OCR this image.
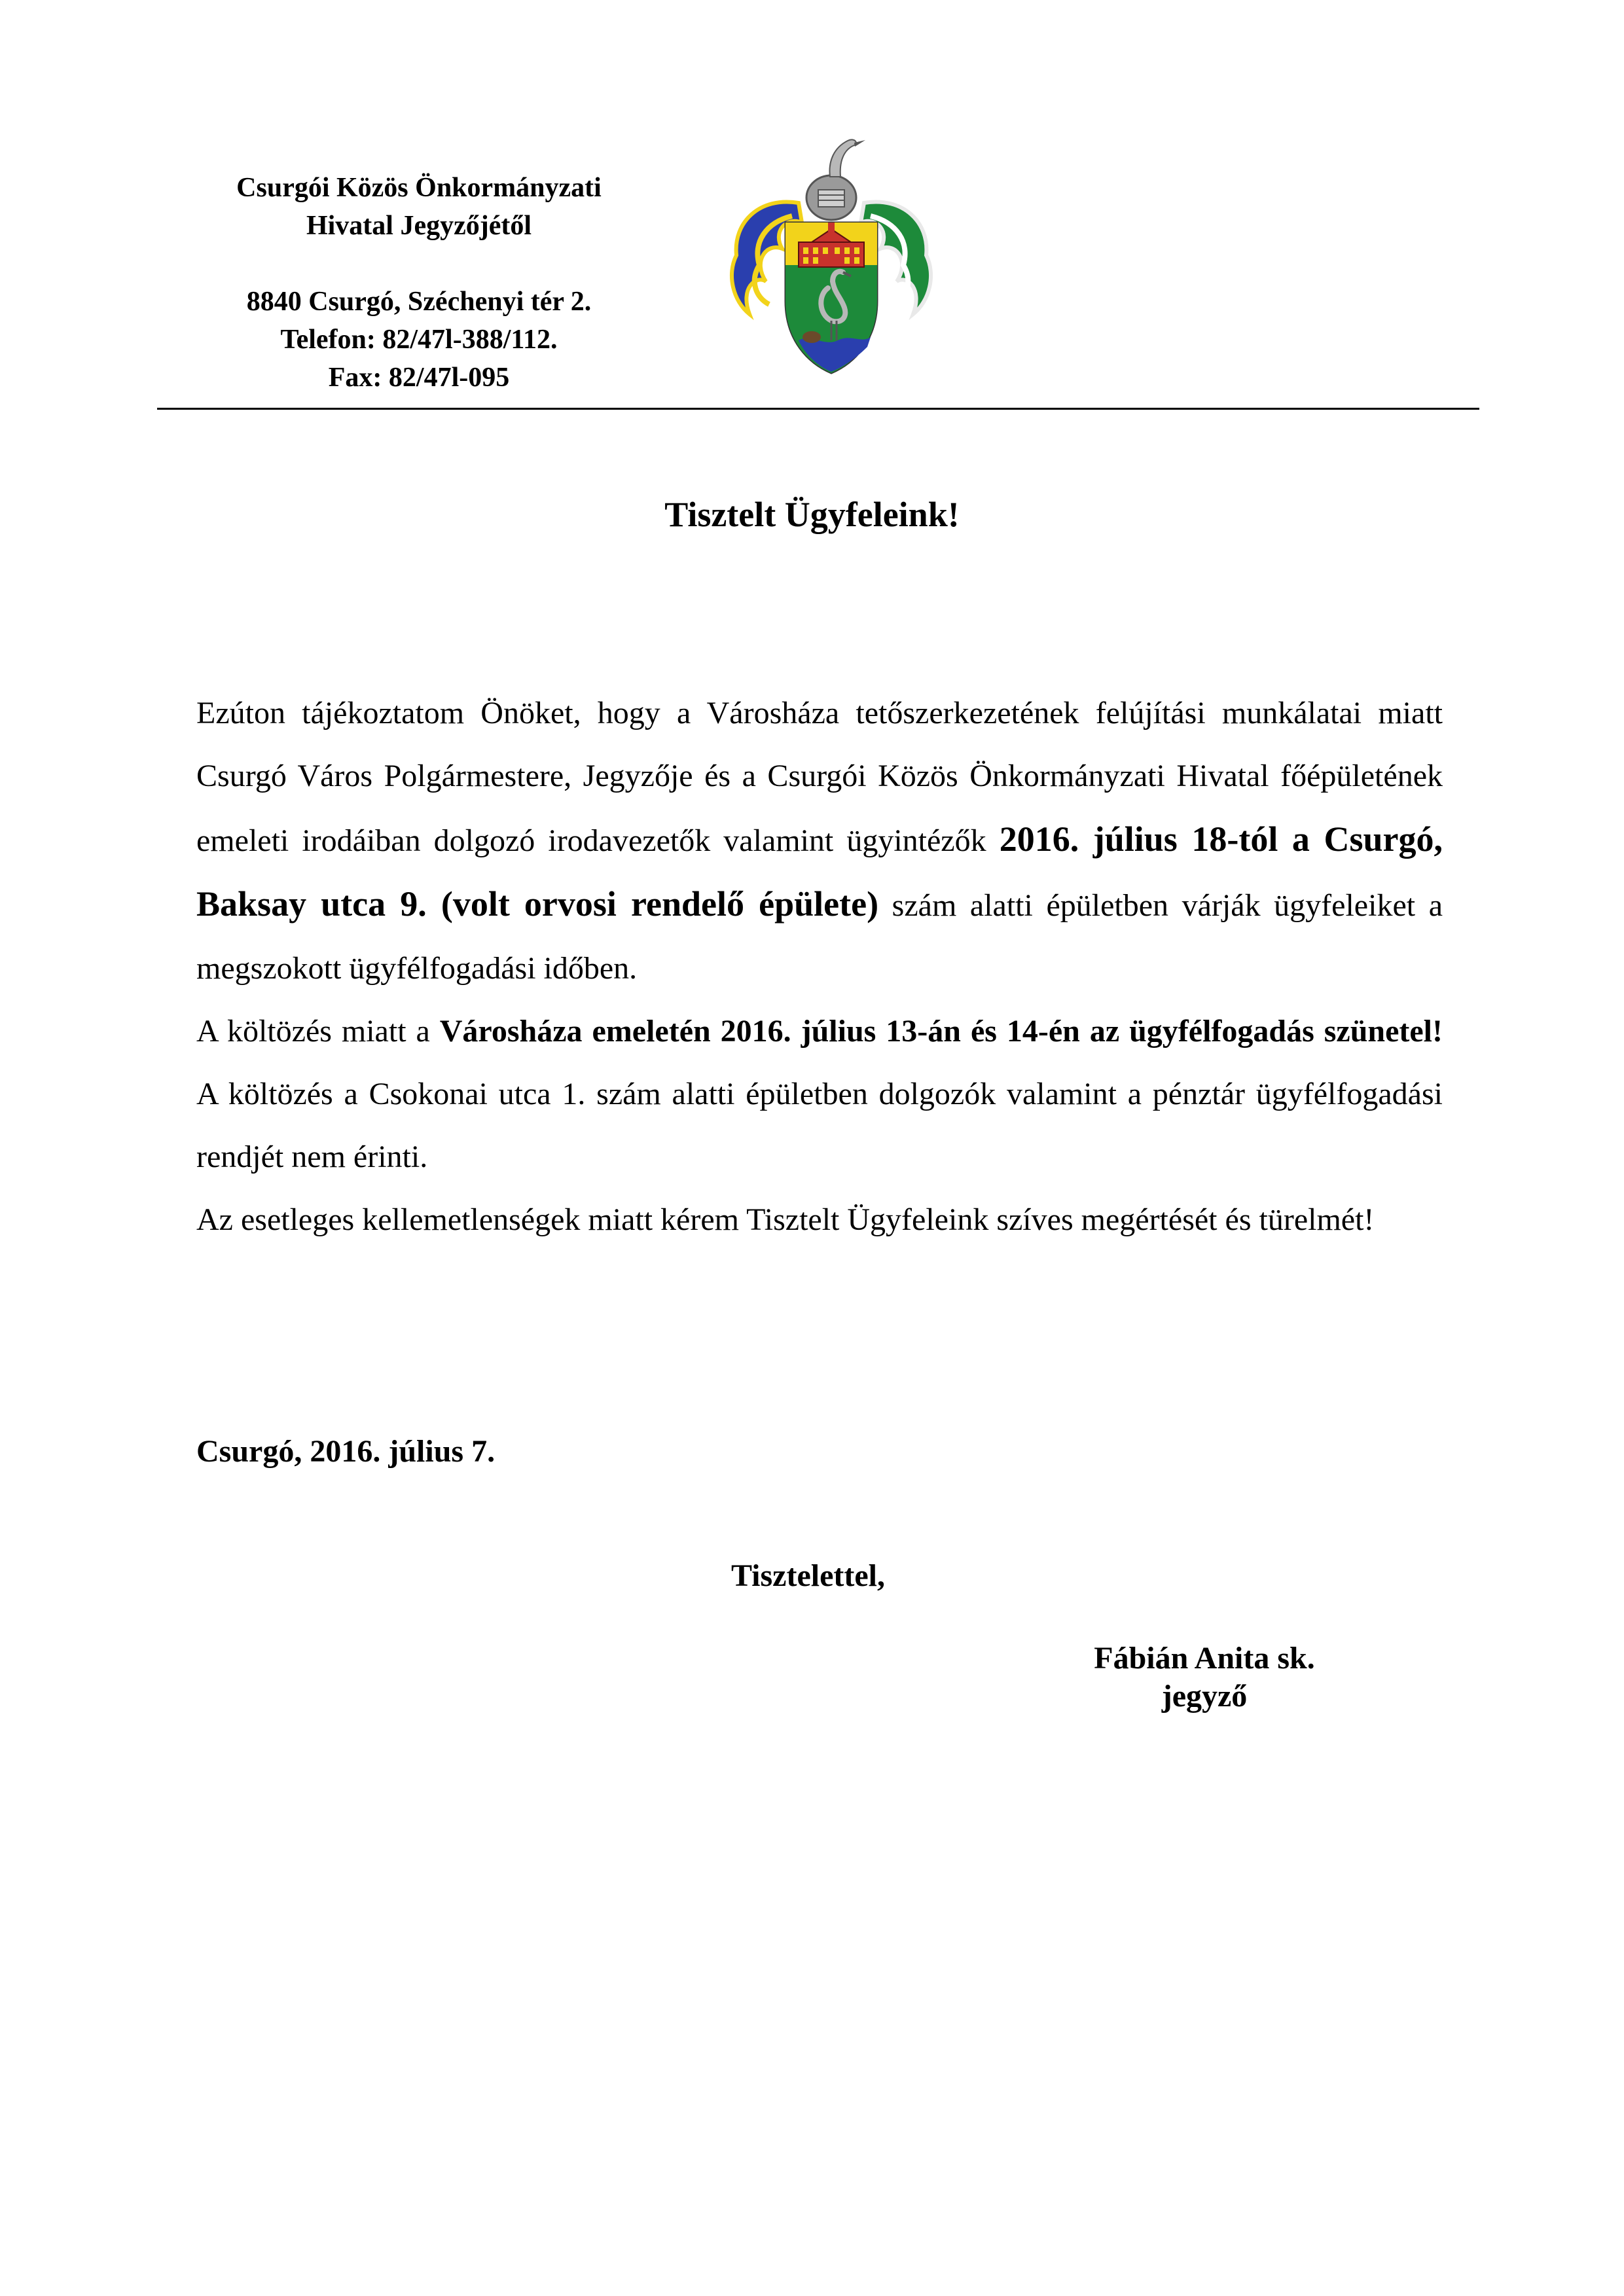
Csurgói Közös Önkormányzati
Hivatal Jegyzőjétől
8840 Csurgó, Széchenyi tér 2.
Telefon: 82/47l-388/112.
Fax: 82/47l-095
Tisztelt Ügyfeleink!

Ezúton tájékoztatom Önöket, hogy a Városháza tetőszerkezetének felújítási munkálatai miatt Csurgó Város Polgármestere, Jegyzője és a Csurgói Közös Önkormányzati Hivatal főépületének emeleti irodáiban dolgozó irodavezetők valamint ügyintézők 2016. július 18-tól a Csurgó, Baksay utca 9. (volt orvosi rendelő épülete) szám alatti épületben várják ügyfeleiket a megszokott ügyfélfogadási időben.

A költözés miatt a Városháza emeletén 2016. július 13-án és 14-én az ügyfélfogadás szünetel! A költözés a Csokonai utca 1. szám alatti épületben dolgozók valamint a pénztár ügyfélfogadási rendjét nem érinti.

Az esetleges kellemetlenségek miatt kérem Tisztelt Ügyfeleink szíves megértését és türelmét!

Csurgó, 2016. július 7.
Tisztelettel,
Fábián Anita sk.
jegyző
